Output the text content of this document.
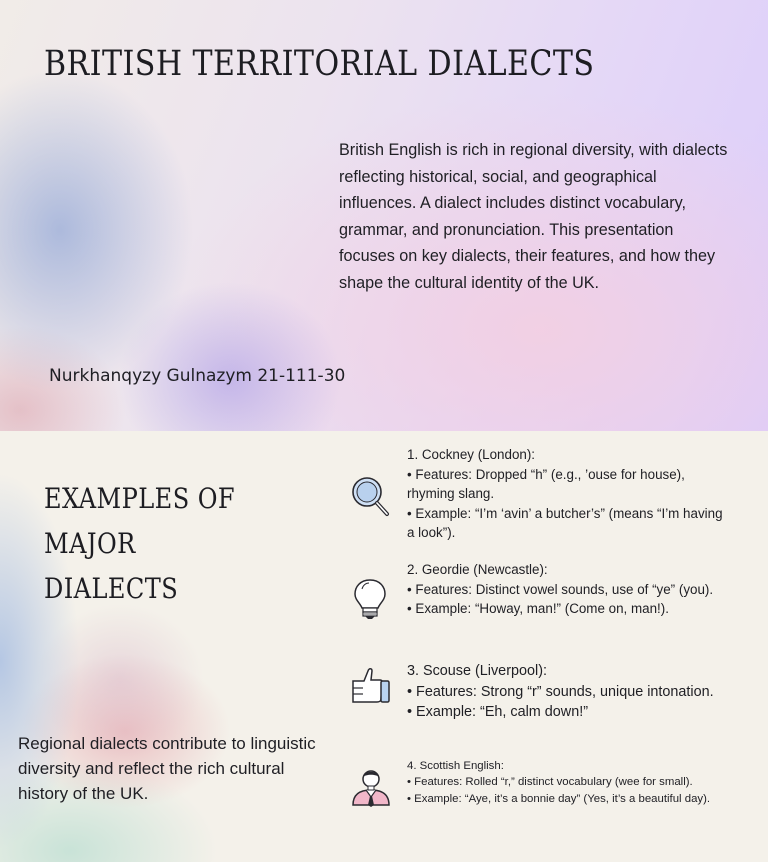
BRITISH TERRITORIAL DIALECTS

British English is rich in regional diversity, with dialects reflecting historical, social, and geographical influences. A dialect includes distinct vocabulary, grammar, and pronunciation. This presentation focuses on key dialects, their features, and how they shape the cultural identity of the UK.

Nurkhanqyzy Gulnazym 21-111-30

EXAMPLES OF
MAJOR
DIALECTS

Regional dialects contribute to linguistic diversity and reflect the rich cultural history of the UK.

1. Cockney (London):
• Features: Dropped “h” (e.g., ’ouse for house), rhyming slang.
• Example: “I’m ‘avin’ a butcher’s” (means “I’m having a look”).
2. Geordie (Newcastle):
• Features: Distinct vowel sounds, use of “ye” (you).
• Example: “Howay, man!” (Come on, man!).
3. Scouse (Liverpool):
• Features: Strong “r” sounds, unique intonation.
• Example: “Eh, calm down!”
4. Scottish English:
• Features: Rolled “r,” distinct vocabulary (wee for small).
• Example: “Aye, it’s a bonnie day” (Yes, it’s a beautiful day).
